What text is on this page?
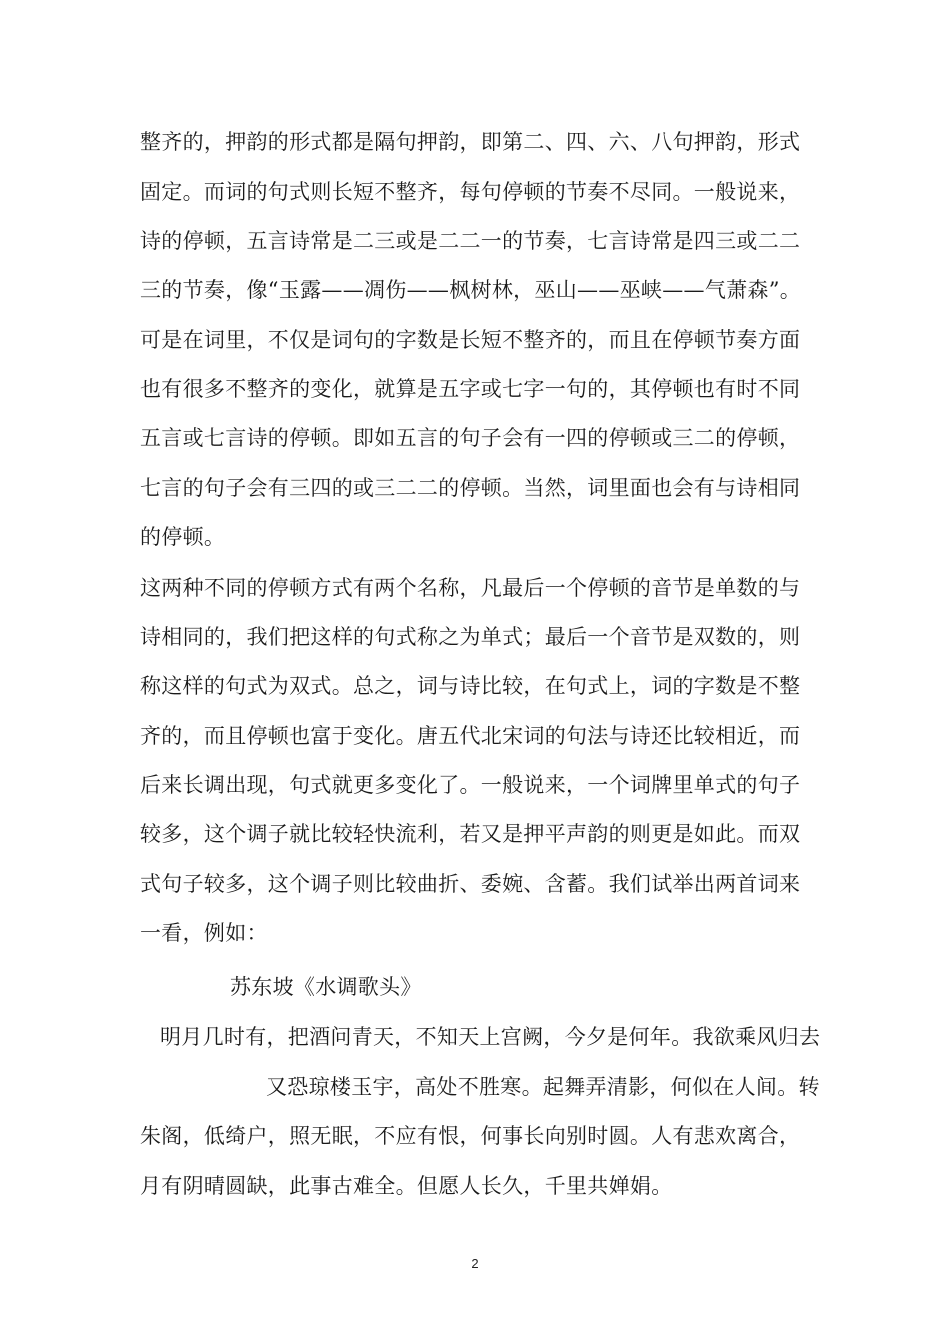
整齐的，押韵的形式都是隔句押韵，即第二、四、六、八句押韵，形式
固定。而词的句式则长短不整齐，每句停顿的节奏不尽同。一般说来，
诗的停顿，五言诗常是二三或是二二一的节奏，七言诗常是四三或二二
三的节奏，像“玉露——凋伤——枫树林，巫山——巫峡——气萧森”。
可是在词里，不仅是词句的字数是长短不整齐的，而且在停顿节奏方面
也有很多不整齐的变化，就算是五字或七字一句的，其停顿也有时不同
五言或七言诗的停顿。即如五言的句子会有一四的停顿或三二的停顿，
七言的句子会有三四的或三二二的停顿。当然，词里面也会有与诗相同
的停顿。
这两种不同的停顿方式有两个名称，凡最后一个停顿的音节是单数的与
诗相同的，我们把这样的句式称之为单式；最后一个音节是双数的，则
称这样的句式为双式。总之，词与诗比较，在句式上，词的字数是不整
齐的，而且停顿也富于变化。唐五代北宋词的句法与诗还比较相近，而
后来长调出现，句式就更多变化了。一般说来，一个词牌里单式的句子
较多，这个调子就比较轻快流利，若又是押平声韵的则更是如此。而双
式句子较多，这个调子则比较曲折、委婉、含蓄。我们试举出两首词来
一看，例如：
苏东坡《水调歌头》
明月几时有，把酒问青天，不知天上宫阙，今夕是何年。我欲乘风归去
又恐琼楼玉宇，高处不胜寒。起舞弄清影，何似在人间。转
朱阁，低绮户，照无眠，不应有恨，何事长向别时圆。人有悲欢离合，
月有阴晴圆缺，此事古难全。但愿人长久，千里共婵娟。
2
